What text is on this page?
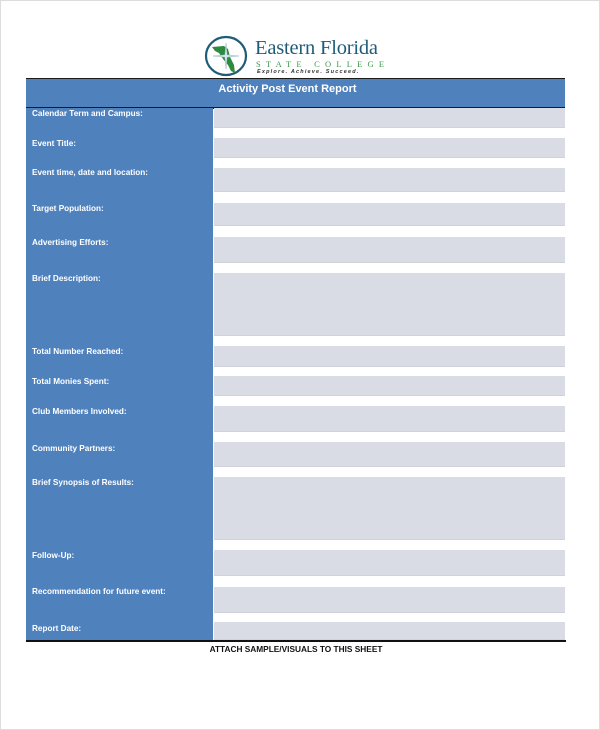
Eastern Florida
STATE COLLEGE
Explore. Achieve. Succeed.
Activity Post Event Report
Calendar Term and Campus:
Event Title:
Event time, date and location:
Target Population:
Advertising Efforts:
Brief Description:
Total Number Reached:
Total Monies Spent:
Club Members Involved:
Community Partners:
Brief Synopsis of Results:
Follow-Up:
Recommendation for future event:
Report Date:
ATTACH SAMPLE/VISUALS TO THIS SHEET
